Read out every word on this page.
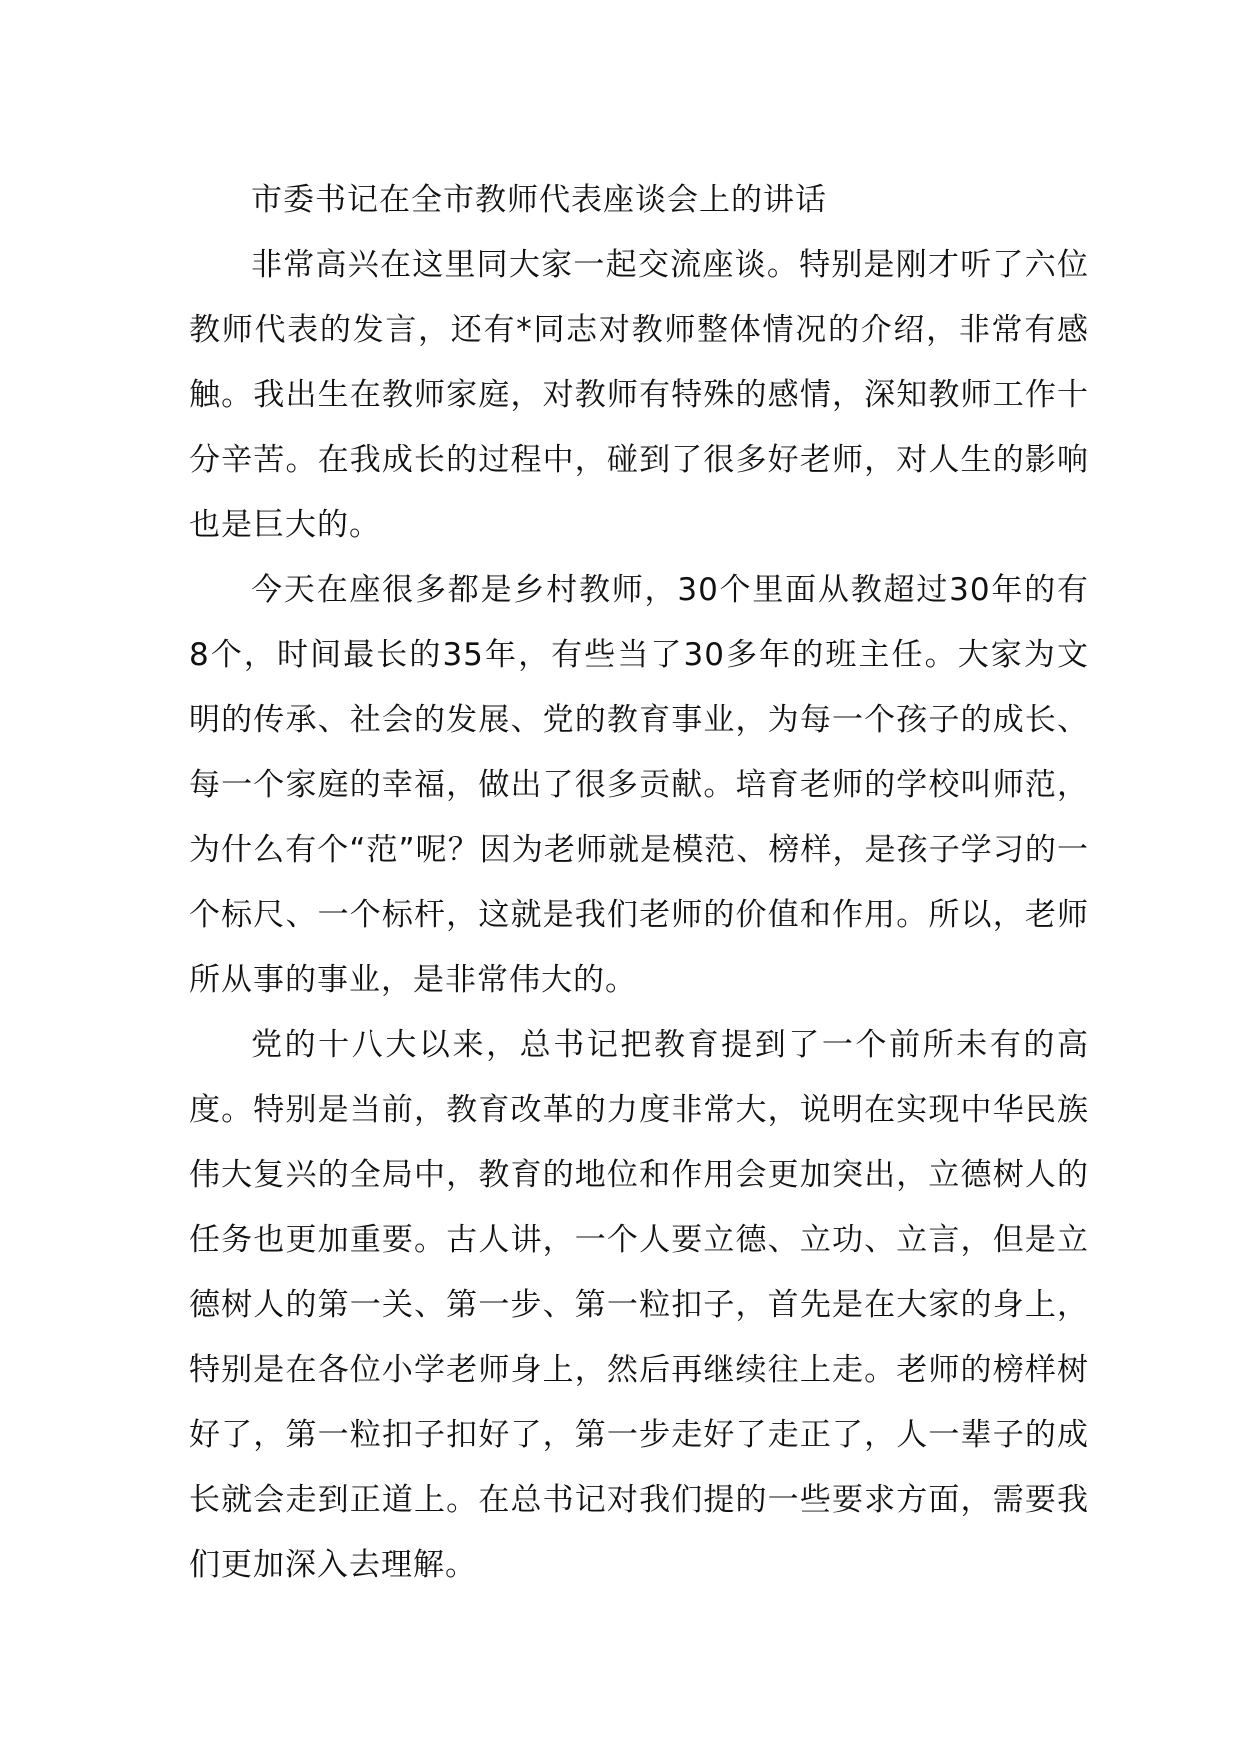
市委书记在全市教师代表座谈会上的讲话

非常高兴在这里同大家一起交流座谈。特别是刚才听了六位教师代表的发言，还有*同志对教师整体情况的介绍，非常有感触。我出生在教师家庭，对教师有特殊的感情，深知教师工作十分辛苦。在我成长的过程中，碰到了很多好老师，对人生的影响也是巨大的。

今天在座很多都是乡村教师，30个里面从教超过30年的有8个，时间最长的35年，有些当了30多年的班主任。大家为文明的传承、社会的发展、党的教育事业，为每一个孩子的成长、每一个家庭的幸福，做出了很多贡献。培育老师的学校叫师范，为什么有个“范”呢？因为老师就是模范、榜样，是孩子学习的一个标尺、一个标杆，这就是我们老师的价值和作用。所以，老师所从事的事业，是非常伟大的。

党的十八大以来，总书记把教育提到了一个前所未有的高度。特别是当前，教育改革的力度非常大，说明在实现中华民族伟大复兴的全局中，教育的地位和作用会更加突出，立德树人的任务也更加重要。古人讲，一个人要立德、立功、立言，但是立德树人的第一关、第一步、第一粒扣子，首先是在大家的身上，特别是在各位小学老师身上，然后再继续往上走。老师的榜样树好了，第一粒扣子扣好了，第一步走好了走正了，人一辈子的成长就会走到正道上。在总书记对我们提的一些要求方面，需要我们更加深入去理解。
